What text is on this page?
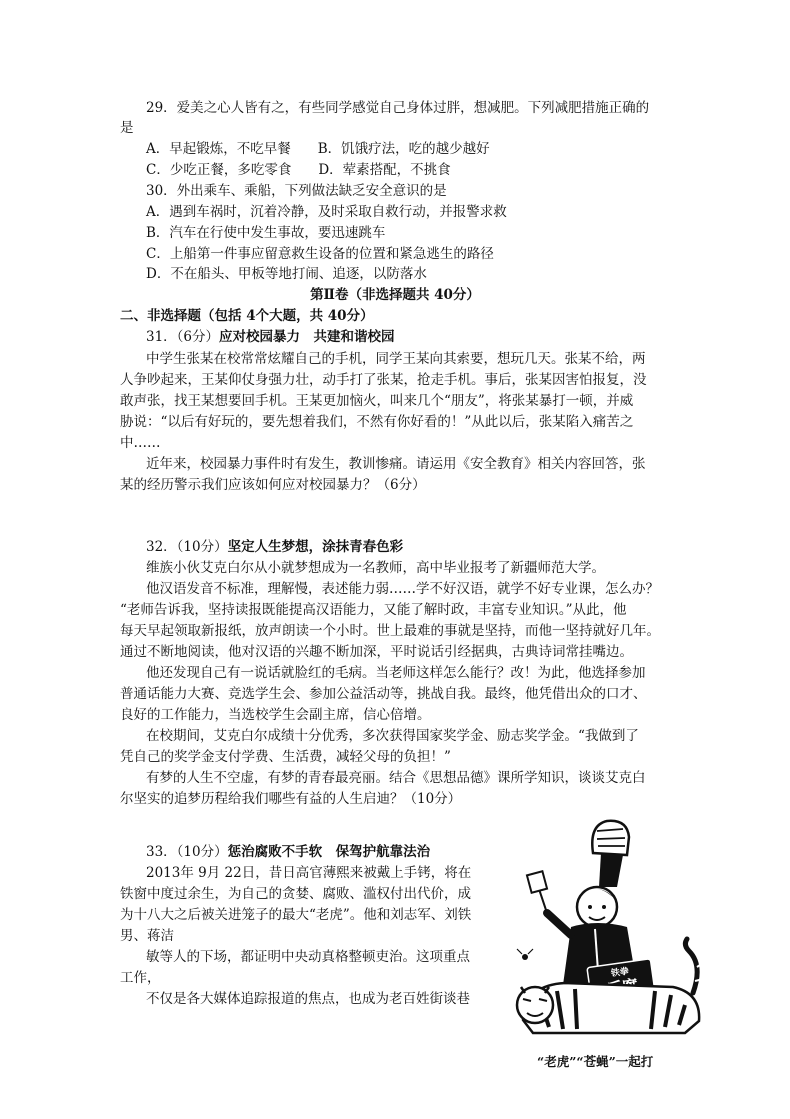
29．爱美之心人皆有之，有些同学感觉自己身体过胖，想减肥。下列减肥措施正确的
是
A．早起锻炼，不吃早餐　　B．饥饿疗法，吃的越少越好
C．少吃正餐，多吃零食　　D．荤素搭配，不挑食
30．外出乘车、乘船，下列做法缺乏安全意识的是
A．遇到车祸时，沉着冷静，及时采取自救行动，并报警求救
B．汽车在行使中发生事故，要迅速跳车
C．上船第一件事应留意救生设备的位置和紧急逃生的路径
D．不在船头、甲板等地打闹、追逐，以防落水
第Ⅱ卷（非选择题共 40分）
二、非选择题（包括 4个大题，共 40分）
31．（6分）应对校园暴力　共建和谐校园
中学生张某在校常常炫耀自己的手机，同学王某向其索要，想玩几天。张某不给，两
人争吵起来，王某仰仗身强力壮，动手打了张某，抢走手机。事后，张某因害怕报复，没
敢声张，找王某想要回手机。王某更加恼火，叫来几个“朋友”，将张某暴打一顿，并威
胁说：“以后有好玩的，要先想着我们，不然有你好看的！”从此以后，张某陷入痛苦之
中……
近年来，校园暴力事件时有发生，教训惨痛。请运用《安全教育》相关内容回答，张
某的经历警示我们应该如何应对校园暴力？（6分）
32．（10分）坚定人生梦想，涂抹青春色彩
维族小伙艾克白尔从小就梦想成为一名教师，高中毕业报考了新疆师范大学。
他汉语发音不标准，理解慢，表述能力弱……学不好汉语，就学不好专业课，怎么办？
“老师告诉我，坚持读报既能提高汉语能力，又能了解时政，丰富专业知识。”从此，他
每天早起领取新报纸，放声朗读一个小时。世上最难的事就是坚持，而他一坚持就好几年。
通过不断地阅读，他对汉语的兴趣不断加深，平时说话引经据典，古典诗词常挂嘴边。
他还发现自己有一说话就脸红的毛病。当老师这样怎么能行？改！为此，他选择参加
普通话能力大赛、竞选学生会、参加公益活动等，挑战自我。最终，他凭借出众的口才、
良好的工作能力，当选校学生会副主席，信心倍增。
在校期间，艾克白尔成绩十分优秀，多次获得国家奖学金、励志奖学金。“我做到了
凭自己的奖学金支付学费、生活费，减轻父母的负担！”
有梦的人生不空虚，有梦的青春最亮丽。结合《思想品德》课所学知识，谈谈艾克白
尔坚实的追梦历程给我们哪些有益的人生启迪？（10分）
33．（10分）惩治腐败不手软　保驾护航靠法治
2013年 9月 22日，昔日高官薄熙来被戴上手铐，将在
铁窗中度过余生，为自己的贪婪、腐败、滥权付出代价，成
为十八大之后被关进笼子的最大“老虎”。他和刘志军、刘铁
男、蒋洁
敏等人的下场，都证明中央动真格整顿吏治。这项重点
工作，
不仅是各大媒体追踪报道的焦点，也成为老百姓街谈巷
铁拳
“老虎”“苍蝇”一起打
